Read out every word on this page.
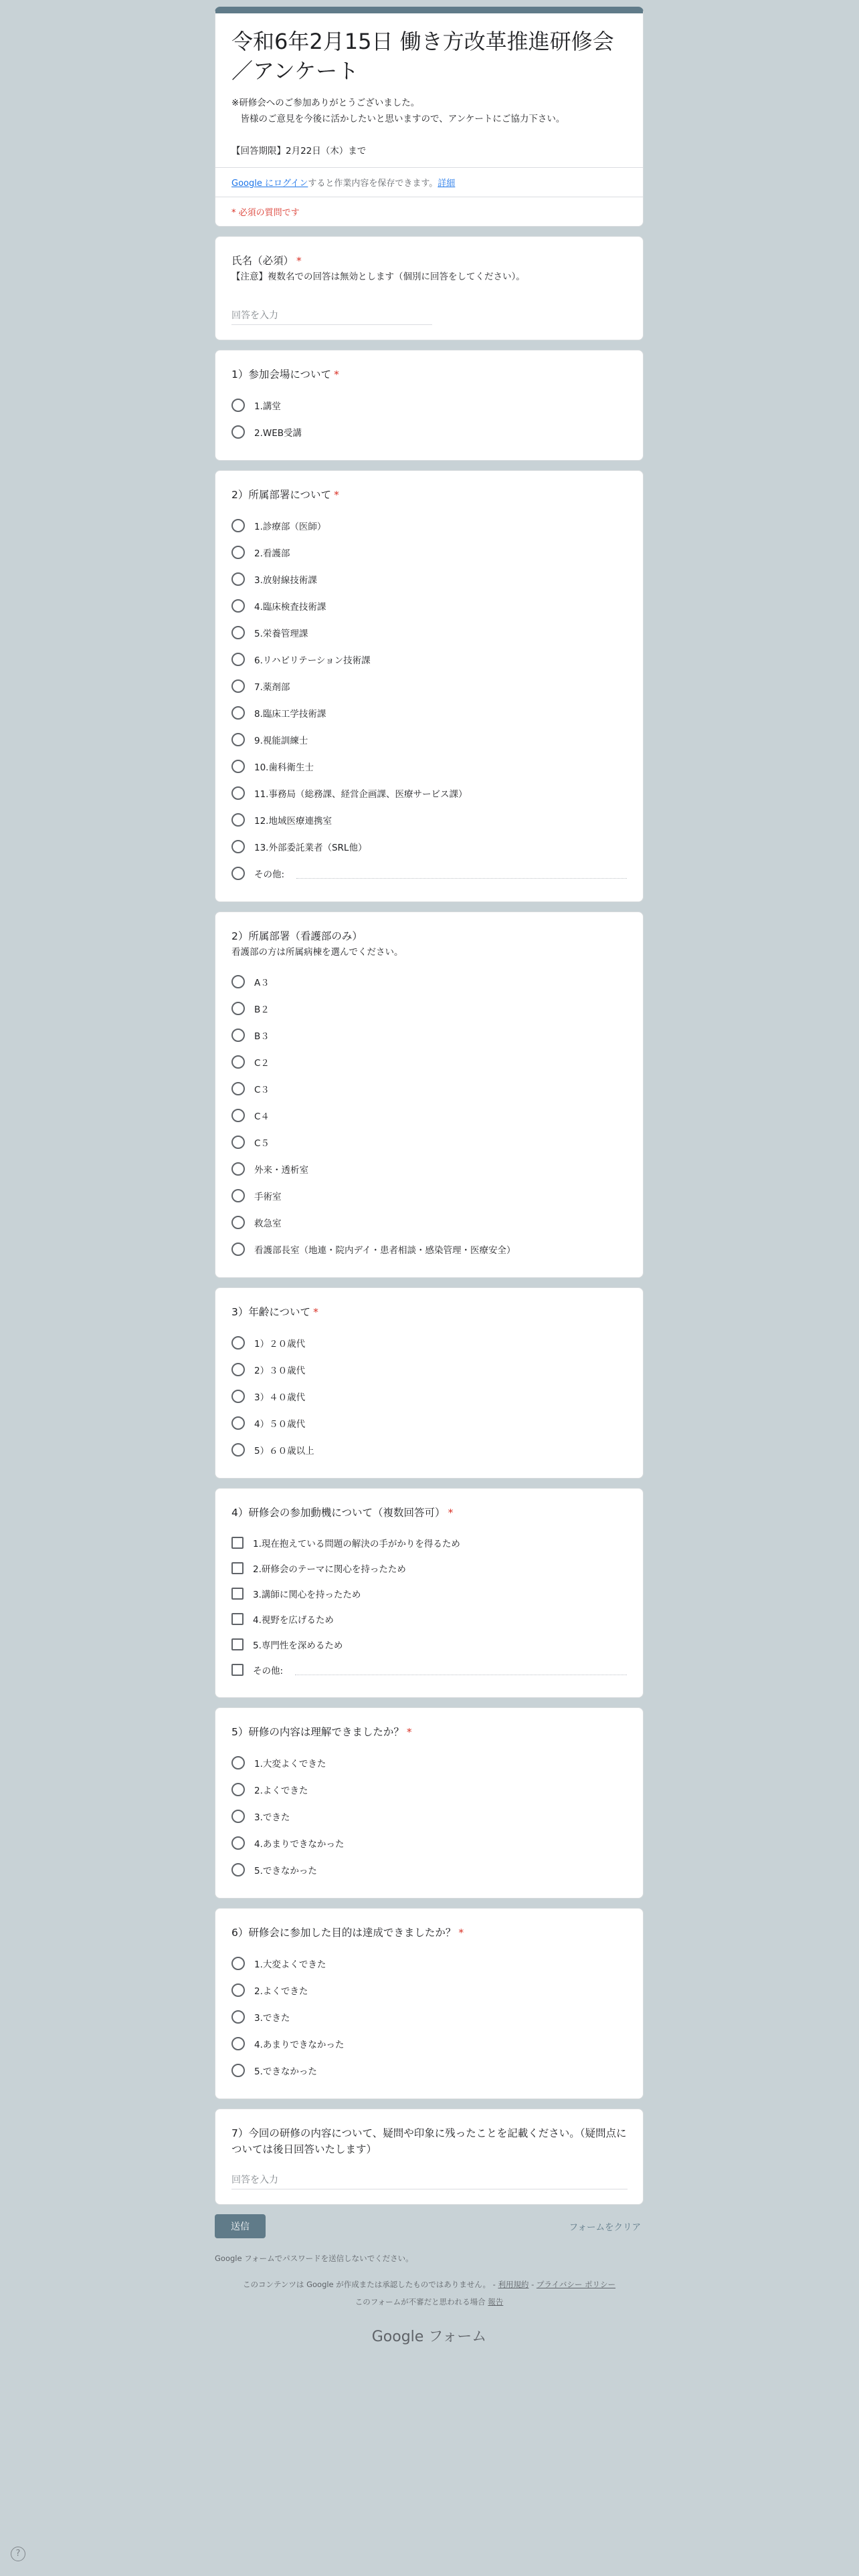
令和6年2月15日 働き方改革推進研修会／アンケート
※研修会へのご参加ありがとうございました。
　皆様のご意見を今後に活かしたいと思いますので、アンケートにご協力下さい。

【回答期限】2月22日（木）まで
Google にログインすると作業内容を保存できます。詳細
* 必須の質問です
氏名（必須） *
【注意】複数名での回答は無効とします（個別に回答をしてください）。
回答を入力
1）参加会場について *
1.講堂
2.WEB受講
2）所属部署について *
1.診療部（医師）
2.看護部
3.放射線技術課
4.臨床検査技術課
5.栄養管理課
6.リハビリテーション技術課
7.薬剤部
8.臨床工学技術課
9.視能訓練士
10.歯科衛生士
11.事務局（総務課、経営企画課、医療サービス課）
12.地域医療連携室
13.外部委託業者（SRL他）
その他:
2）所属部署（看護部のみ）
看護部の方は所属病棟を選んでください。
A３
B２
B３
C２
C３
C４
C５
外来・透析室
手術室
救急室
看護部長室（地連・院内デイ・患者相談・感染管理・医療安全）
3）年齢について *
1）２０歳代
2）３０歳代
3）４０歳代
4）５０歳代
5）６０歳以上
4）研修会の参加動機について（複数回答可） *
1.現在抱えている問題の解決の手がかりを得るため
2.研修会のテーマに関心を持ったため
3.講師に関心を持ったため
4.視野を広げるため
5.専門性を深めるため
その他:
5）研修の内容は理解できましたか？ *
1.大変よくできた
2.よくできた
3.できた
4.あまりできなかった
5.できなかった
6）研修会に参加した目的は達成できましたか？ *
1.大変よくできた
2.よくできた
3.できた
4.あまりできなかった
5.できなかった
7）今回の研修の内容について、疑問や印象に残ったことを記載ください。（疑問点については後日回答いたします）
回答を入力
送信	フォームをクリア
Google フォームでパスワードを送信しないでください。
このコンテンツは Google が作成または承認したものではありません。 - 利用規約 - プライバシー ポリシー
このフォームが不審だと思われる場合 報告
Google フォーム
?
